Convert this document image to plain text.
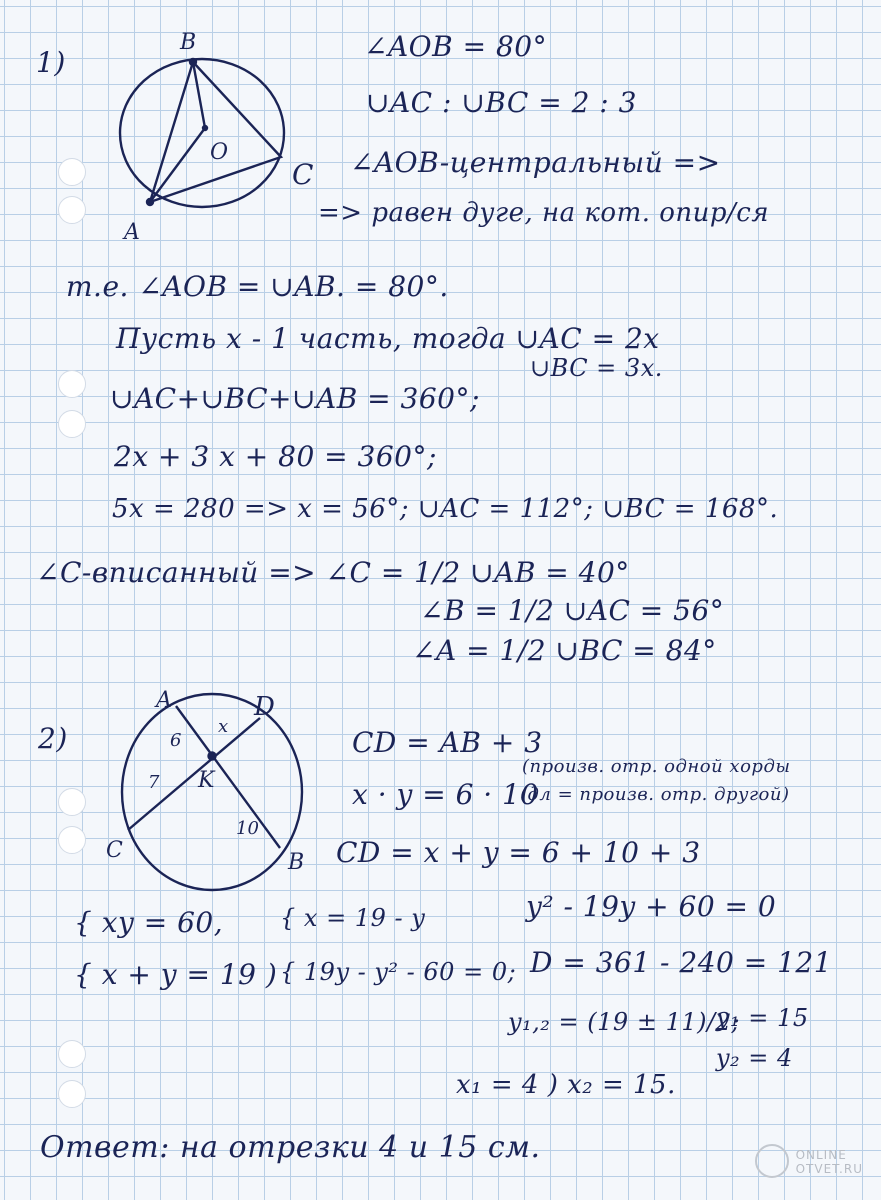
B
O
C
A
A	D
C	B
K
6
x
7
10
1)	∠AOB = 80°
∪AC : ∪BC = 2 : 3
∠AOB-центральный =>
=> равен дуге, на кот. опир/ся
т.е. ∠AOB = ∪AB. = 80°.
Пусть x - 1 часть, тогда ∪AC = 2x
∪BC = 3x.
∪AC+∪BC+∪AB = 360°;
2x + 3 x + 80 = 360°;
5x = 280 => x = 56°; ∪AC = 112°; ∪BC = 168°.
∠C-вписанный => ∠C = 1/2 ∪AB = 40°
∠B = 1/2 ∪AC = 56°
∠A = 1/2 ∪BC = 84°
2)	CD = AB + 3
(произв. отр. одной хорды
x · y = 6 · 10
(дл = произв. отр. другой)
CD = x + y = 6 + 10 + 3
{ xy = 60,
{ x + y = 19 )
{ x = 19 - y
{ 19y - y² - 60 = 0;
y² - 19y + 60 = 0
D = 361 - 240 = 121
y₁,₂ = (19 ± 11)/2;
y₁ = 15
y₂ = 4
x₁ = 4 ) x₂ = 15.
Ответ: на отрезки 4 и 15 см.	ONLINE
OTVET.RU
